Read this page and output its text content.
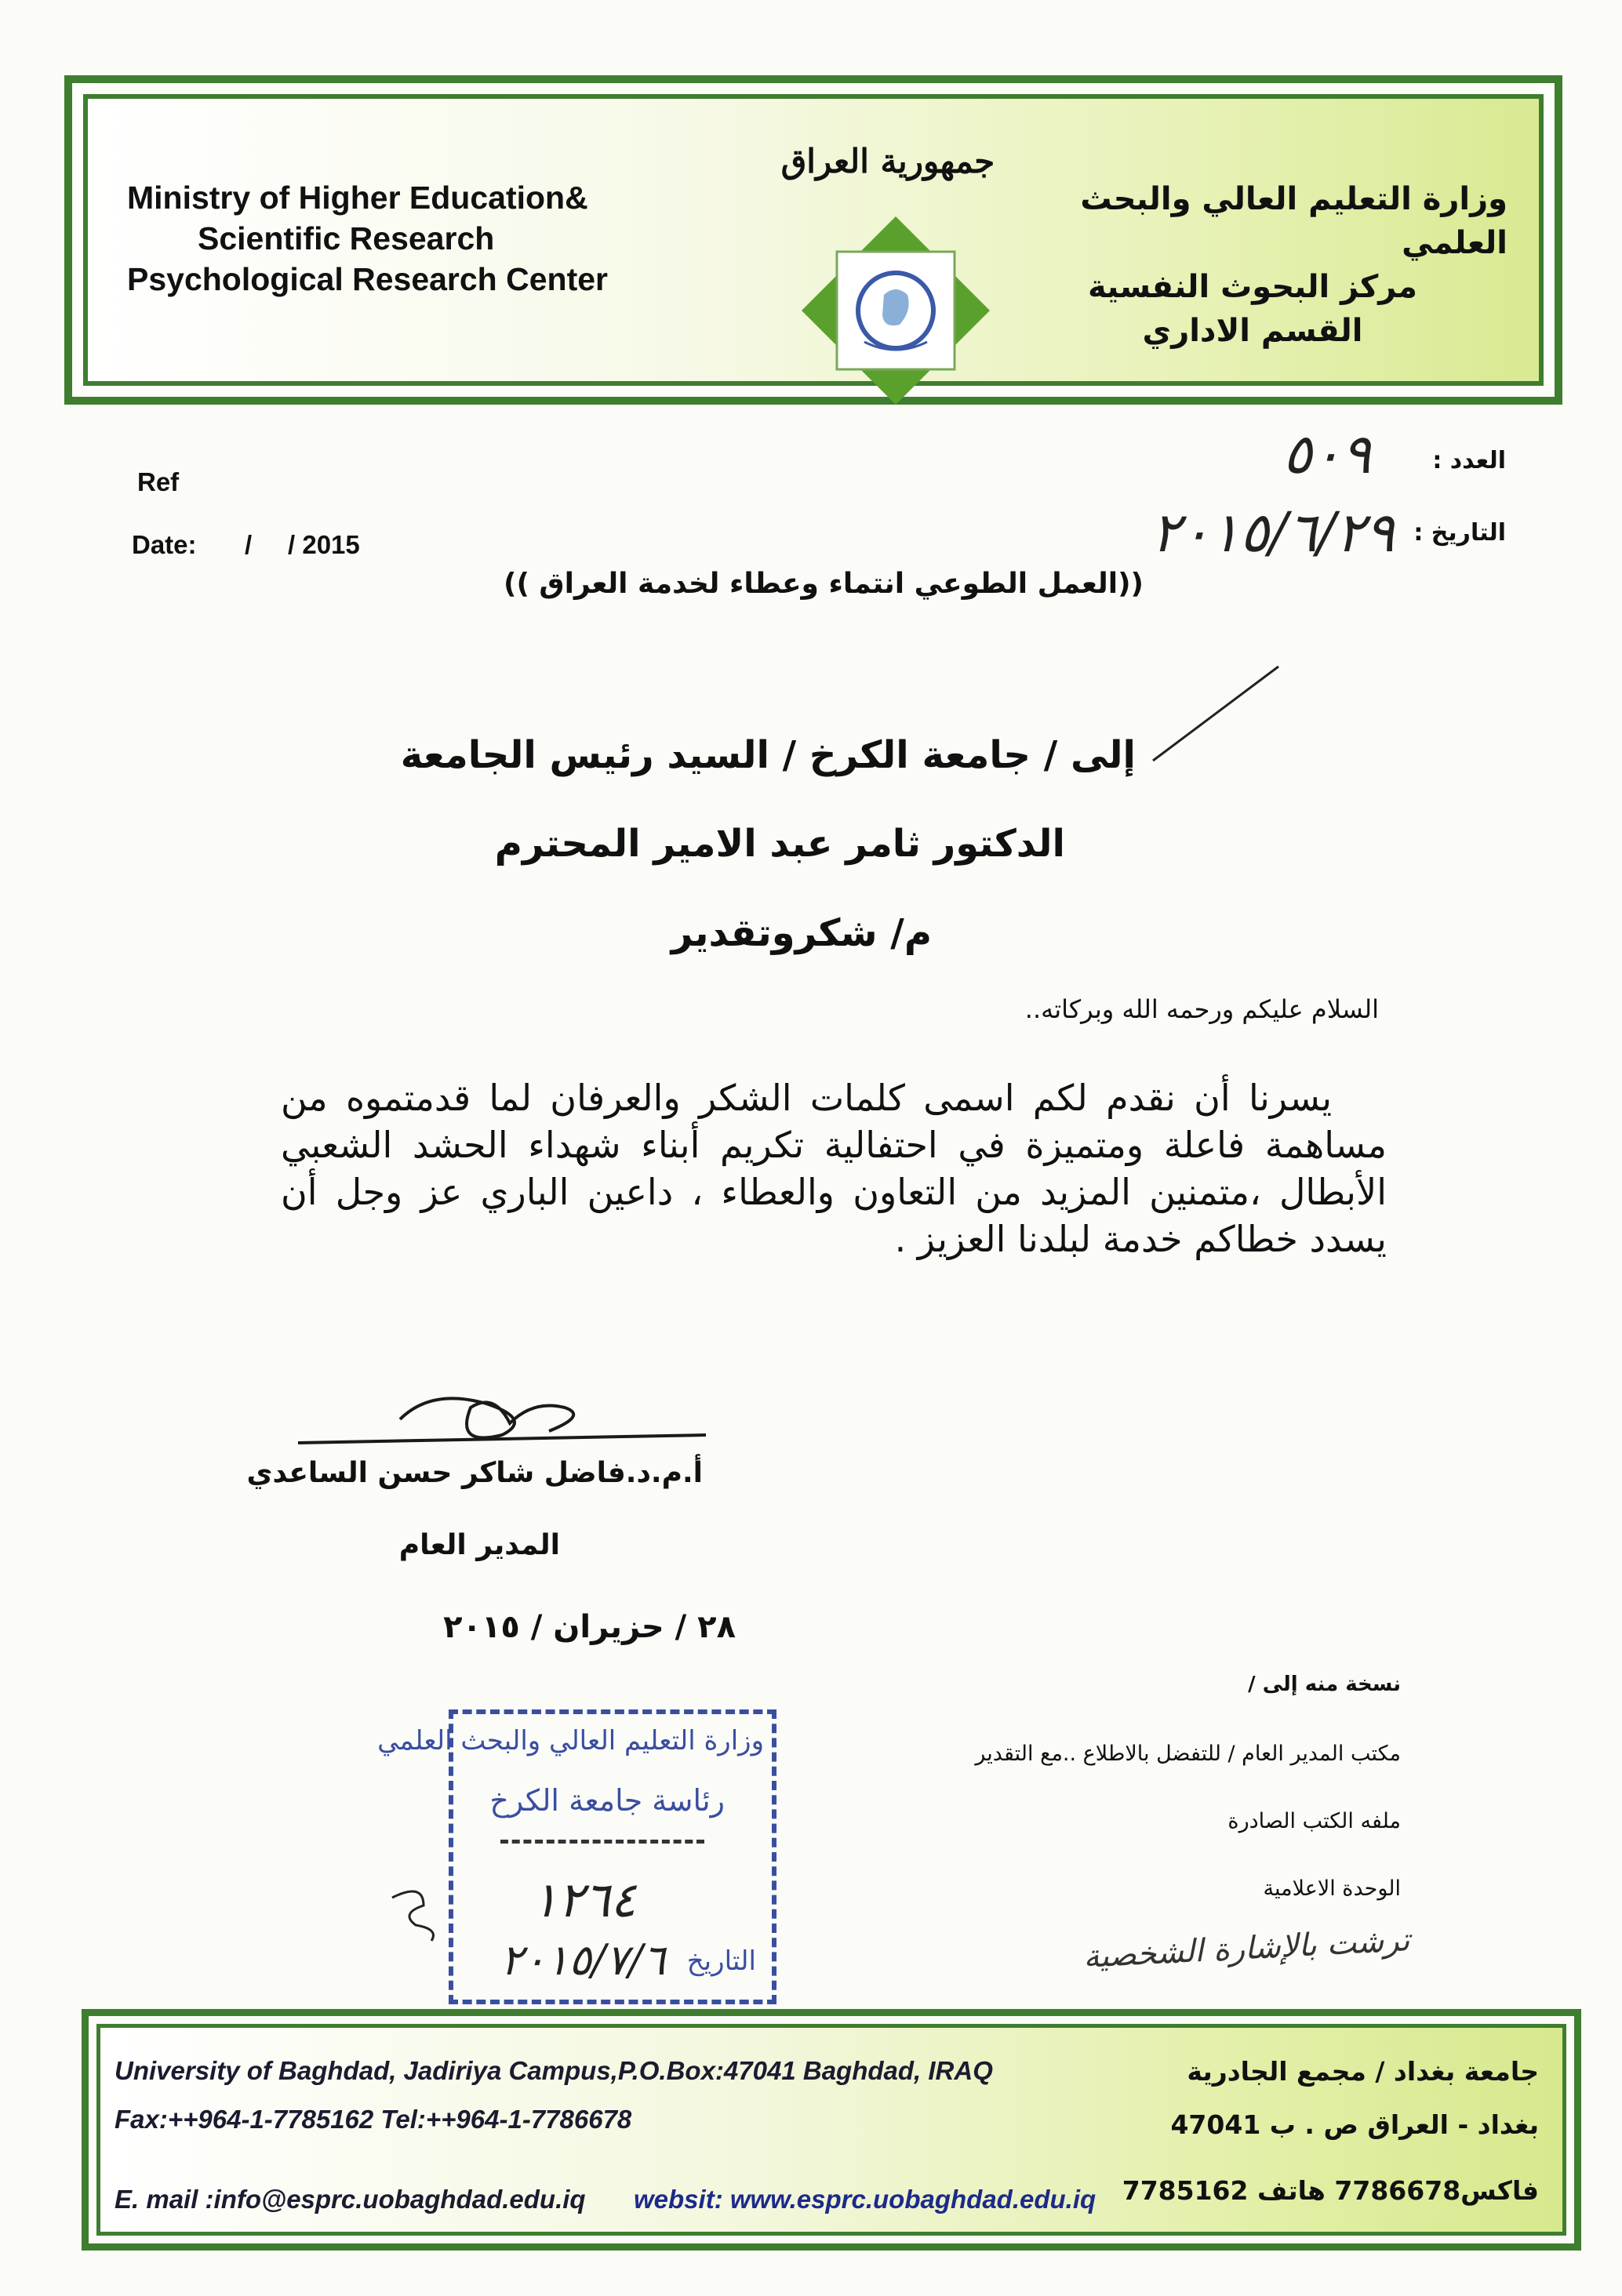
Ministry of Higher Education&
Scientific Research
Psychological Research Center
جمهورية العراق
وزارة التعليم العالي والبحث العلمي
مركز البحوث النفسية
القسم الاداري
Ref
Date: /     / 2015
العدد :
٥٠٩
التاريخ :
٢٠١٥/٦/٢٩
((العمل الطوعي انتماء وعطاء لخدمة العراق ))
إلى / جامعة الكرخ / السيد رئيس الجامعة
الدكتور ثامر عبد الامير المحترم
م/ شكروتقدير
السلام عليكم ورحمه الله وبركاته..
يسرنا أن نقدم لكم اسمى كلمات الشكر والعرفان لما قدمتموه من
مساهمة فاعلة ومتميزة في احتفالية تكريم أبناء شهداء الحشد الشعبي
الأبطال ،متمنين المزيد من التعاون والعطاء ، داعين الباري عز وجل أن
يسدد خطاكم خدمة لبلدنا العزيز .
أ.م.د.فاضل شاكر حسن الساعدي
المدير العام
٢٨ / حزيران / ٢٠١٥
نسخة منه إلى /
مكتب المدير العام / للتفضل بالاطلاع ..مع التقدير
ملفه الكتب الصادرة
الوحدة الاعلامية
ترشت بالإشارة الشخصية
وزارة التعليم العالي والبحث العلمي
رئاسة جامعة الكرخ
١٢٦٤
التاريخ
٢٠١٥/٧/٦
University of Baghdad, Jadiriya Campus,P.O.Box:47041 Baghdad, IRAQ
Fax:++964-1-7785162 Tel:++964-1-7786678
E. mail :info@esprc.uobaghdad.edu.iq websit: www.esprc.uobaghdad.edu.iq
جامعة بغداد / مجمع الجادرية
بغداد - العراق ص . ب 47041
فاكس7786678 هاتف 7785162
